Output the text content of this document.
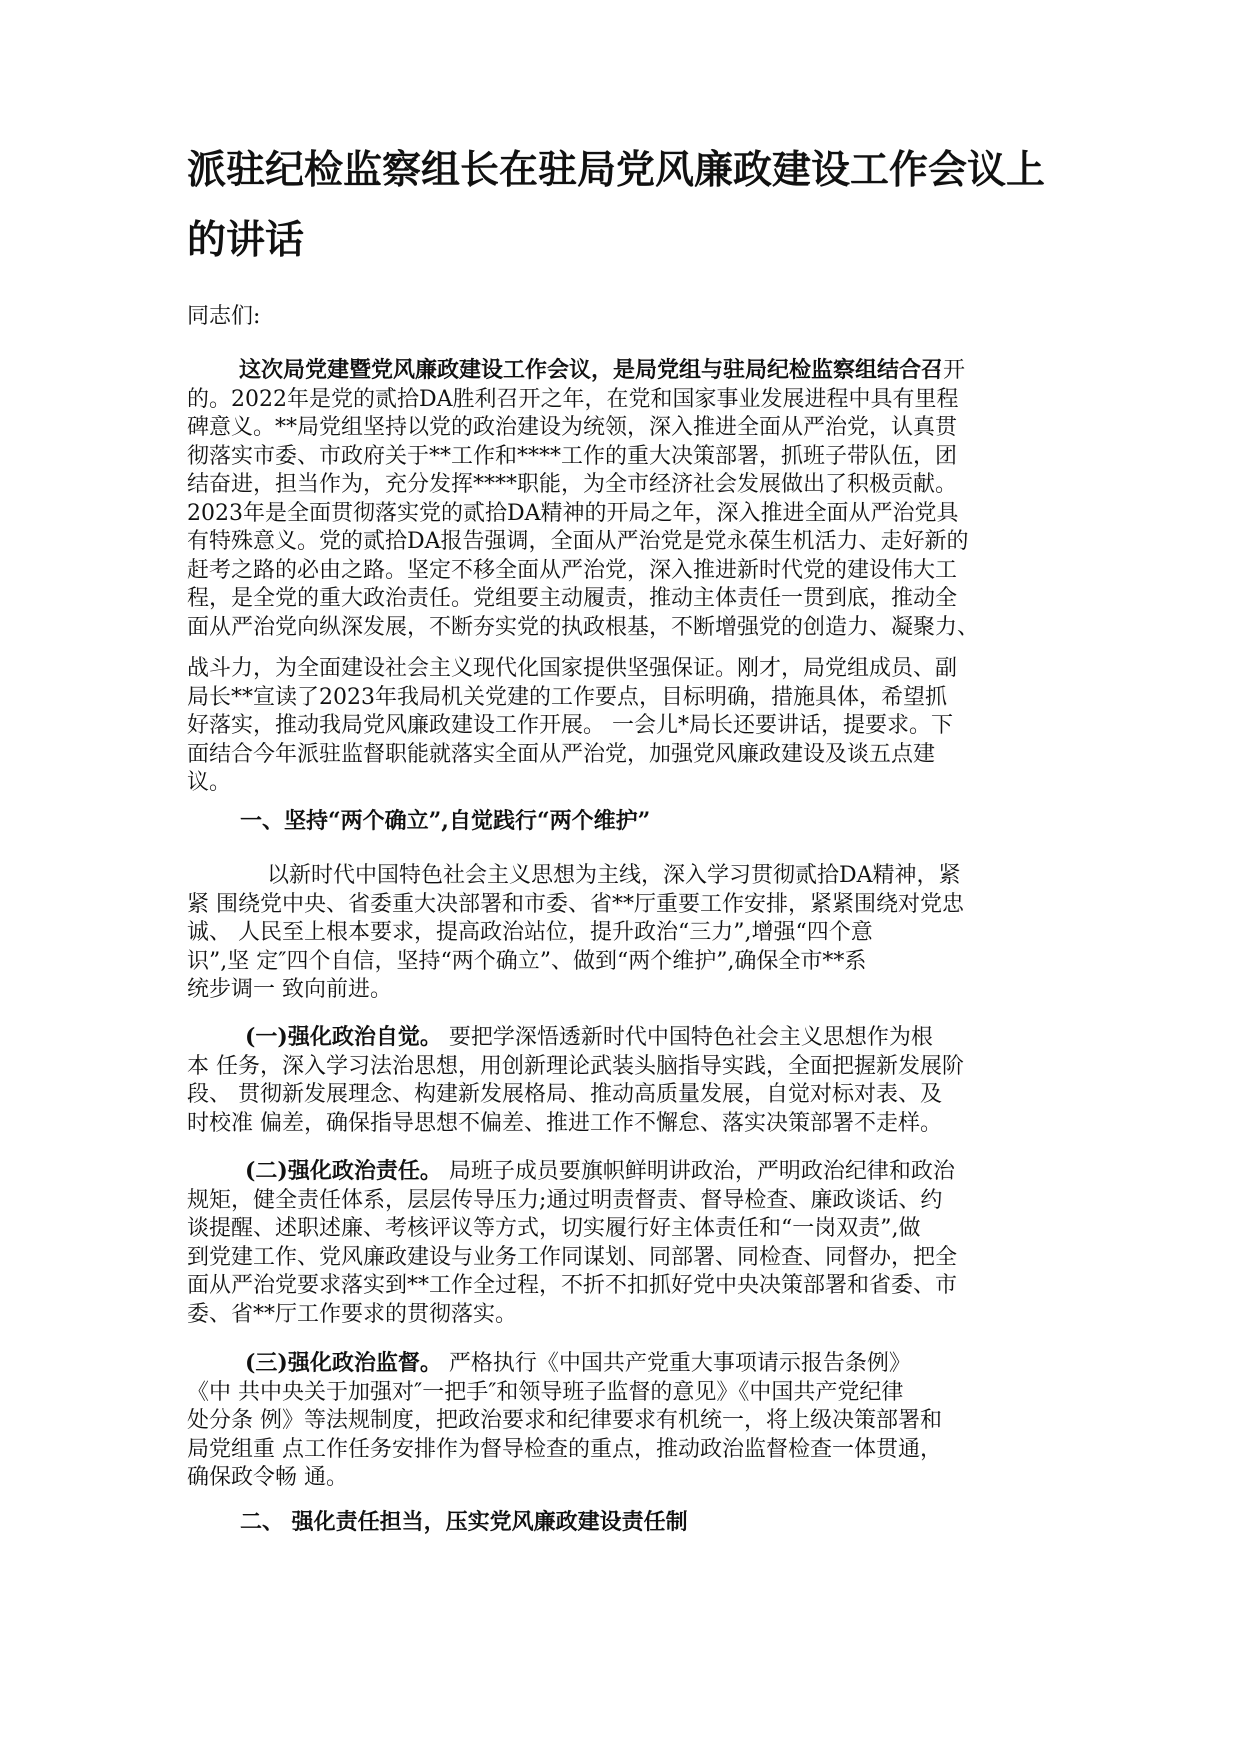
派驻纪检监察组长在驻局党风廉政建设工作会议上
的讲话

同志们:

这次局党建暨党风廉政建设工作会议，是局党组与驻局纪检监察组结合召开
的。2022年是党的贰拾DA胜利召开之年，在党和国家事业发展进程中具有里程
碑意义。**局党组坚持以党的政治建设为统领，深入推进全面从严治党，认真贯
彻落实市委、市政府关于**工作和****工作的重大决策部署，抓班子带队伍，团
结奋进，担当作为，充分发挥****职能，为全市经济社会发展做出了积极贡献。
2023年是全面贯彻落实党的贰拾DA精神的开局之年，深入推进全面从严治党具
有特殊意义。党的贰拾DA报告强调，全面从严治党是党永葆生机活力、走好新的
赶考之路的必由之路。坚定不移全面从严治党，深入推进新时代党的建设伟大工
程，是全党的重大政治责任。党组要主动履责，推动主体责任一贯到底，推动全
面从严治党向纵深发展，不断夯实党的执政根基，不断增强党的创造力、凝聚力、
战斗力，为全面建设社会主义现代化国家提供坚强保证。刚才，局党组成员、副
局长**宣读了2023年我局机关党建的工作要点，目标明确，措施具体，希望抓
好落实，推动我局党风廉政建设工作开展。 一会儿*局长还要讲话，提要求。下
面结合今年派驻监督职能就落实全面从严治党，加强党风廉政建设及谈五点建
议。

一、坚持“两个确立”,自觉践行“两个维护”

以新时代中国特色社会主义思想为主线，深入学习贯彻贰拾DA精神，紧
紧 围绕党中央、省委重大决部署和市委、省**厅重要工作安排，紧紧围绕对党忠
诚、 人民至上根本要求，提高政治站位，提升政治“三力”,增强“四个意
识”,坚 定″四个自信，坚持“两个确立”、做到“两个维护”,确保全市**系
统步调一 致向前进。
(一)强化政治自觉。 要把学深悟透新时代中国特色社会主义思想作为根
本 任务，深入学习法治思想，用创新理论武装头脑指导实践，全面把握新发展阶
段、 贯彻新发展理念、构建新发展格局、推动高质量发展，自觉对标对表、及
时校准 偏差，确保指导思想不偏差、推进工作不懈怠、落实决策部署不走样。
(二)强化政治责任。 局班子成员要旗帜鲜明讲政治，严明政治纪律和政治
规矩，健全责任体系，层层传导压力;通过明责督责、督导检查、廉政谈话、约
谈提醒、述职述廉、考核评议等方式，切实履行好主体责任和“一岗双责”,做
到党建工作、党风廉政建设与业务工作同谋划、同部署、同检查、同督办，把全
面从严治党要求落实到**工作全过程，不折不扣抓好党中央决策部署和省委、市
委、省**厅工作要求的贯彻落实。
(三)强化政治监督。 严格执行《中国共产党重大事项请示报告条例》
《中 共中央关于加强对″一把手″和领导班子监督的意见》《中国共产党纪律
处分条 例》等法规制度，把政治要求和纪律要求有机统一，将上级决策部署和
局党组重 点工作任务安排作为督导检查的重点，推动政治监督检查一体贯通，
确保政令畅 通。

二、 强化责任担当，压实党风廉政建设责任制
